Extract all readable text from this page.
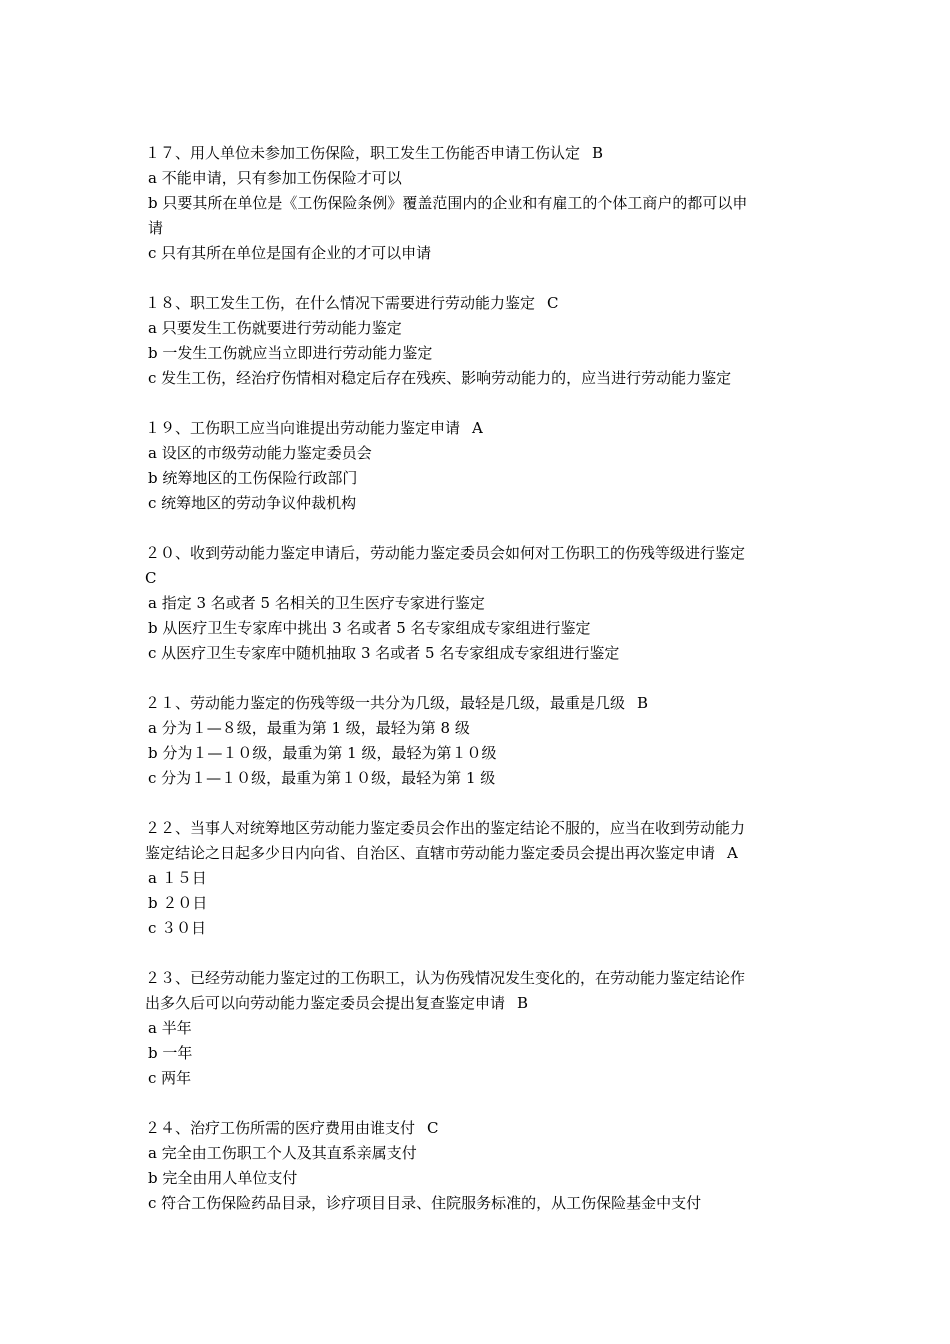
１７、用人单位未参加工伤保险，职工发生工伤能否申请工伤认定 B
a 不能申请，只有参加工伤保险才可以
b 只要其所在单位是《工伤保险条例》覆盖范围内的企业和有雇工的个体工商户的都可以申
请
c 只有其所在单位是国有企业的才可以申请
１８、职工发生工伤，在什么情况下需要进行劳动能力鉴定 C
a 只要发生工伤就要进行劳动能力鉴定
b 一发生工伤就应当立即进行劳动能力鉴定
c 发生工伤，经治疗伤情相对稳定后存在残疾、影响劳动能力的，应当进行劳动能力鉴定
１９、工伤职工应当向谁提出劳动能力鉴定申请 A
a 设区的市级劳动能力鉴定委员会
b 统筹地区的工伤保险行政部门
c 统筹地区的劳动争议仲裁机构
２０、收到劳动能力鉴定申请后，劳动能力鉴定委员会如何对工伤职工的伤残等级进行鉴定
C
a 指定 3 名或者 5 名相关的卫生医疗专家进行鉴定
b 从医疗卫生专家库中挑出 3 名或者 5 名专家组成专家组进行鉴定
c 从医疗卫生专家库中随机抽取 3 名或者 5 名专家组成专家组进行鉴定
２１、劳动能力鉴定的伤残等级一共分为几级，最轻是几级，最重是几级 B
a 分为１—８级，最重为第 1 级，最轻为第 8 级
b 分为１—１０级，最重为第 1 级，最轻为第１０级
c 分为１—１０级，最重为第１０级，最轻为第 1 级
２２、当事人对统筹地区劳动能力鉴定委员会作出的鉴定结论不服的，应当在收到劳动能力
鉴定结论之日起多少日内向省、自治区、直辖市劳动能力鉴定委员会提出再次鉴定申请 A
a １５日
b ２０日
c ３０日
２３、已经劳动能力鉴定过的工伤职工，认为伤残情况发生变化的，在劳动能力鉴定结论作
出多久后可以向劳动能力鉴定委员会提出复查鉴定申请 B
a 半年
b 一年
c 两年
２４、治疗工伤所需的医疗费用由谁支付 C
a 完全由工伤职工个人及其直系亲属支付
b 完全由用人单位支付
c 符合工伤保险药品目录，诊疗项目目录、住院服务标准的，从工伤保险基金中支付
